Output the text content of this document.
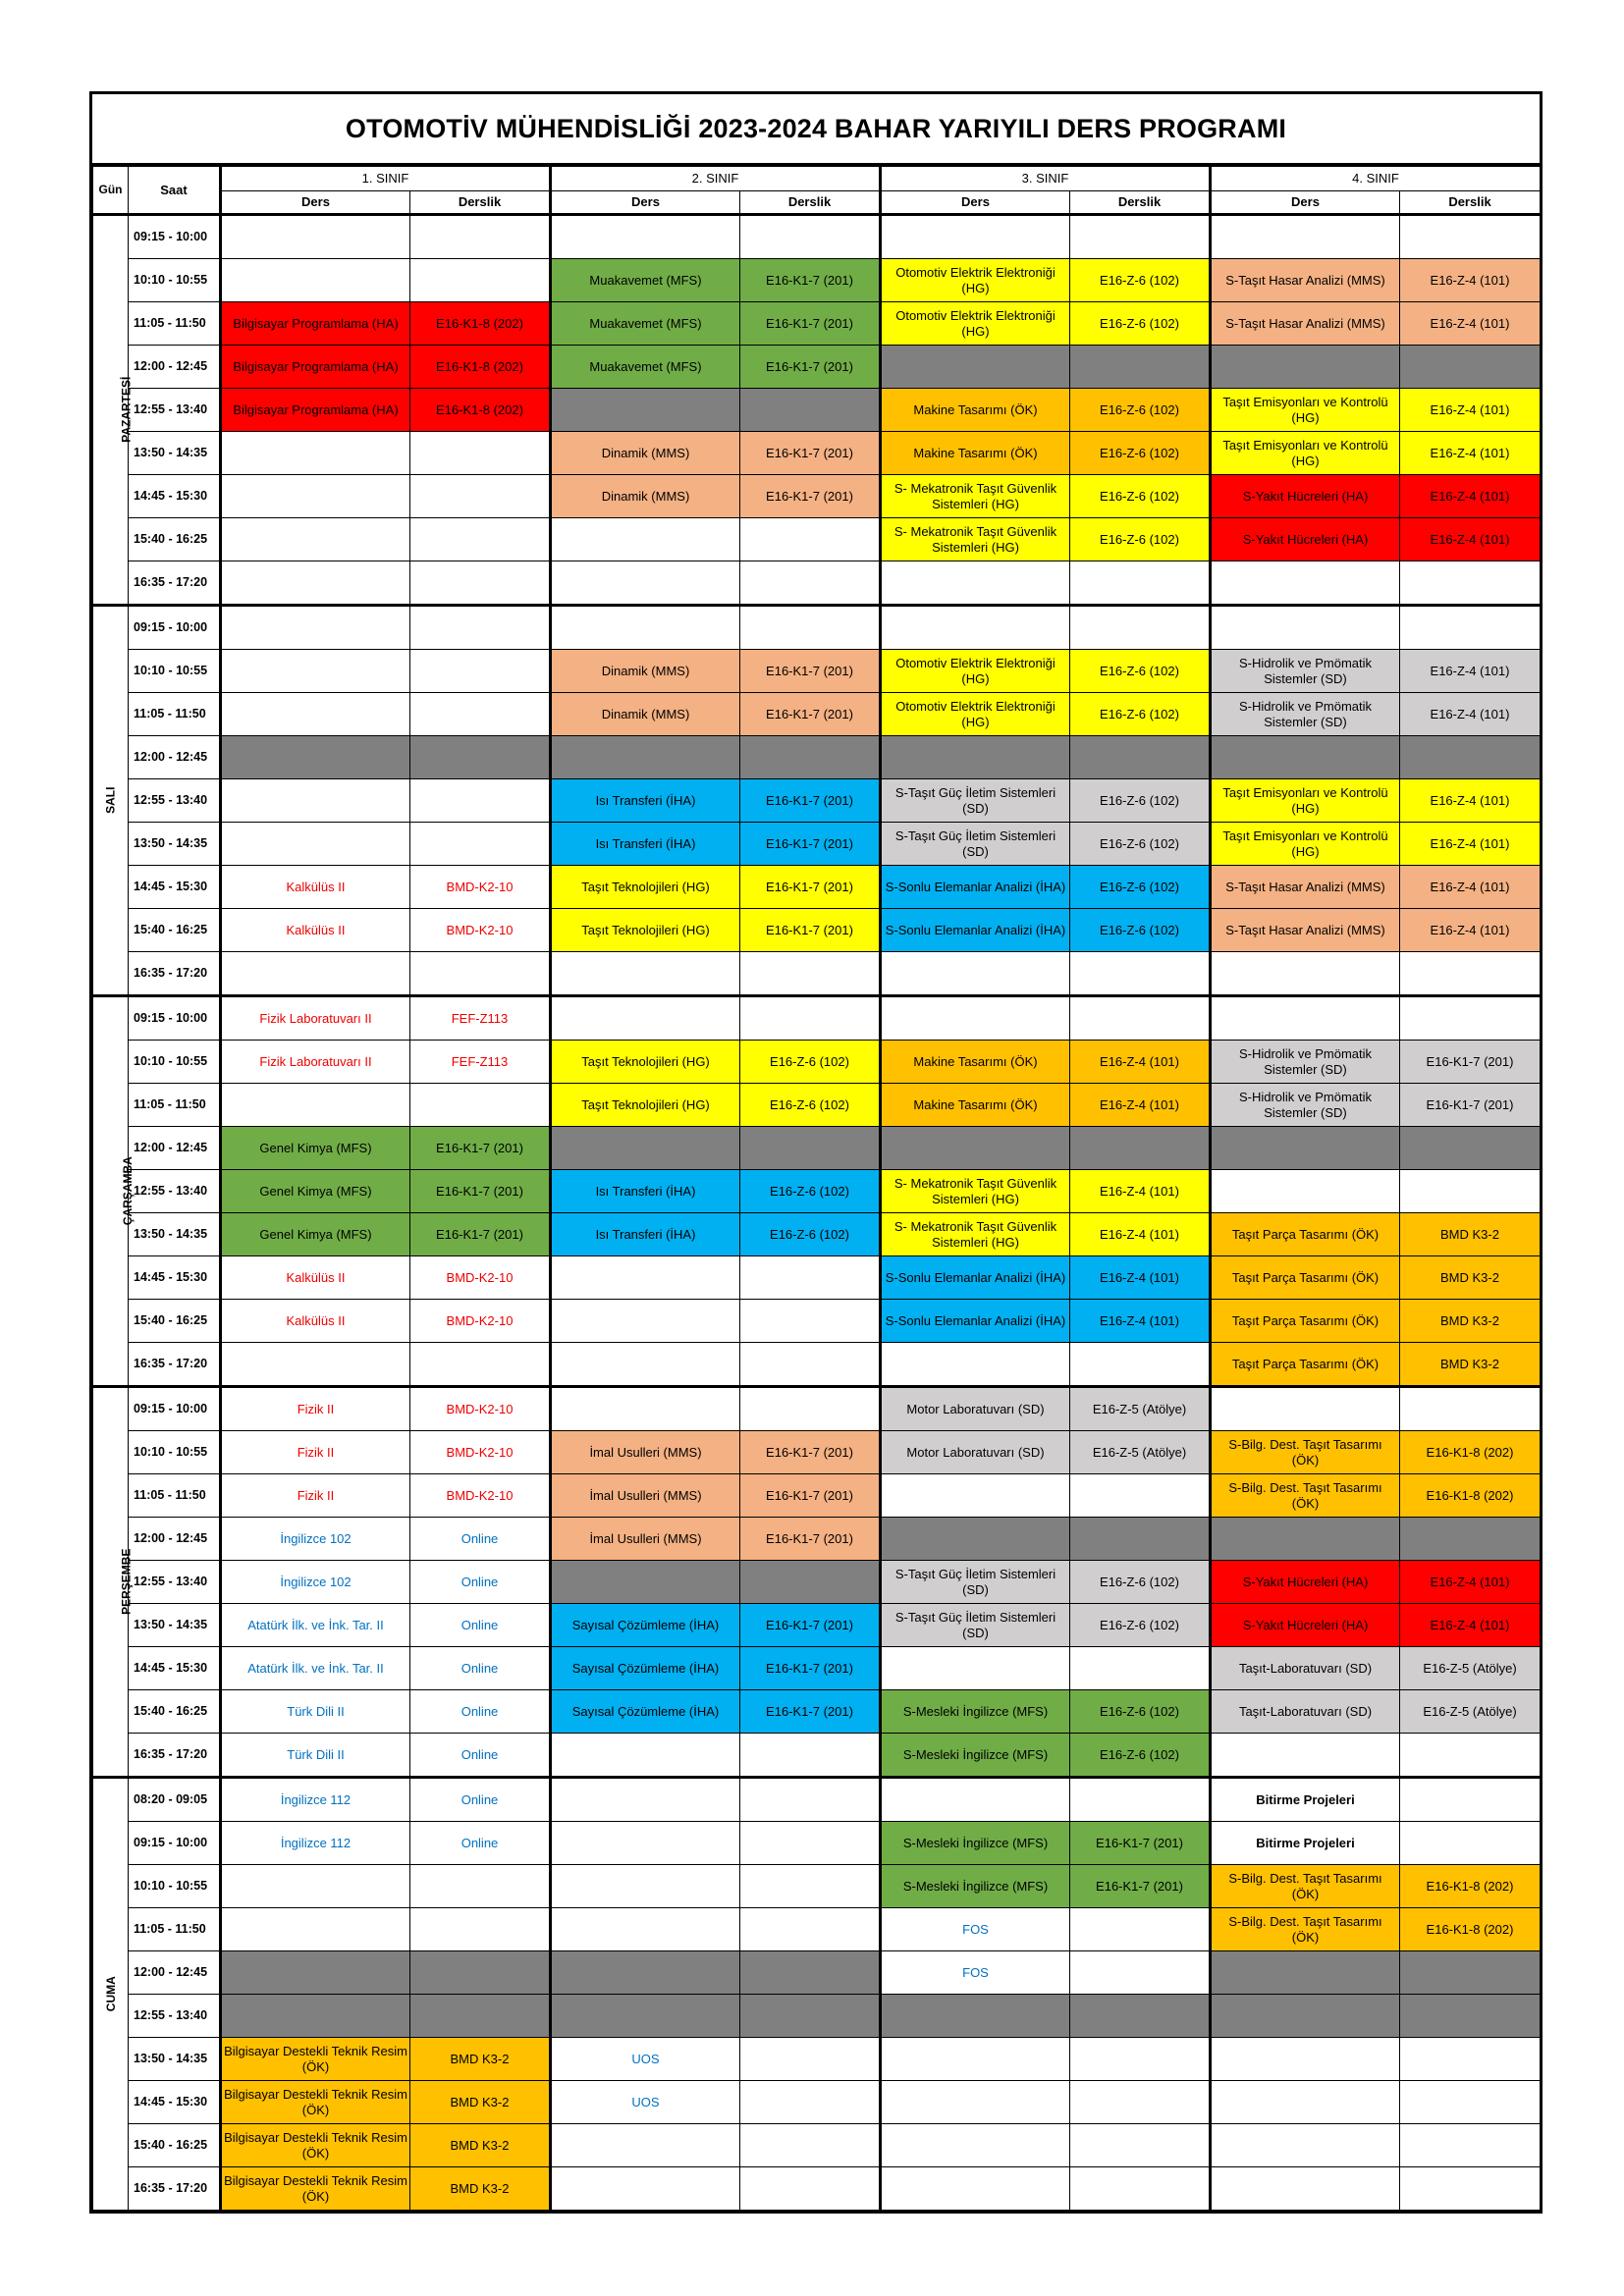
OTOMOTİV MÜHENDİSLİĞİ 2023-2024 BAHAR YARIYILI DERS PROGRAMI
Gün	Saat	1. SINIF		2. SINIF		3. SINIF		4. SINIF	
		Ders	Derslik	Ders	Derslik	Ders	Derslik	Ders	Derslik
PAZARTESİ	09:15 - 10:00								
	10:10 - 10:55			Muakavemet (MFS)	E16-K1-7 (201)	Otomotiv Elektrik Elektroniği (HG)	E16-Z-6 (102)	S-Taşıt Hasar Analizi (MMS)	E16-Z-4 (101)
	11:05 - 11:50	Bilgisayar Programlama (HA)	E16-K1-8 (202)	Muakavemet (MFS)	E16-K1-7 (201)	Otomotiv Elektrik Elektroniği (HG)	E16-Z-6 (102)	S-Taşıt Hasar Analizi (MMS)	E16-Z-4 (101)
	12:00 - 12:45	Bilgisayar Programlama (HA)	E16-K1-8 (202)	Muakavemet (MFS)	E16-K1-7 (201)				
	12:55 - 13:40	Bilgisayar Programlama (HA)	E16-K1-8 (202)			Makine Tasarımı (ÖK)	E16-Z-6 (102)	Taşıt Emisyonları ve Kontrolü (HG)	E16-Z-4 (101)
	13:50 - 14:35			Dinamik (MMS)	E16-K1-7 (201)	Makine Tasarımı (ÖK)	E16-Z-6 (102)	Taşıt Emisyonları ve Kontrolü (HG)	E16-Z-4 (101)
	14:45 - 15:30			Dinamik (MMS)	E16-K1-7 (201)	S- Mekatronik Taşıt Güvenlik Sistemleri (HG)	E16-Z-6 (102)	S-Yakıt Hücreleri (HA)	E16-Z-4 (101)
	15:40 - 16:25					S- Mekatronik Taşıt Güvenlik Sistemleri (HG)	E16-Z-6 (102)	S-Yakıt Hücreleri (HA)	E16-Z-4 (101)
	16:35 - 17:20								
SALI	09:15 - 10:00								
	10:10 - 10:55			Dinamik (MMS)	E16-K1-7 (201)	Otomotiv Elektrik Elektroniği (HG)	E16-Z-6 (102)	S-Hidrolik ve Pmömatik Sistemler (SD)	E16-Z-4 (101)
	11:05 - 11:50			Dinamik (MMS)	E16-K1-7 (201)	Otomotiv Elektrik Elektroniği (HG)	E16-Z-6 (102)	S-Hidrolik ve Pmömatik Sistemler (SD)	E16-Z-4 (101)
	12:00 - 12:45								
	12:55 - 13:40			Isı Transferi (İHA)	E16-K1-7 (201)	S-Taşıt Güç İletim Sistemleri (SD)	E16-Z-6 (102)	Taşıt Emisyonları ve Kontrolü (HG)	E16-Z-4 (101)
	13:50 - 14:35			Isı Transferi (İHA)	E16-K1-7 (201)	S-Taşıt Güç İletim Sistemleri (SD)	E16-Z-6 (102)	Taşıt Emisyonları ve Kontrolü (HG)	E16-Z-4 (101)
	14:45 - 15:30	Kalkülüs II	BMD-K2-10	Taşıt Teknolojileri (HG)	E16-K1-7 (201)	S-Sonlu Elemanlar Analizi (İHA)	E16-Z-6 (102)	S-Taşıt Hasar Analizi (MMS)	E16-Z-4 (101)
	15:40 - 16:25	Kalkülüs II	BMD-K2-10	Taşıt Teknolojileri (HG)	E16-K1-7 (201)	S-Sonlu Elemanlar Analizi (İHA)	E16-Z-6 (102)	S-Taşıt Hasar Analizi (MMS)	E16-Z-4 (101)
	16:35 - 17:20								
ÇARŞAMBA	09:15 - 10:00	Fizik Laboratuvarı II	FEF-Z113						
	10:10 - 10:55	Fizik Laboratuvarı II	FEF-Z113	Taşıt Teknolojileri (HG)	E16-Z-6 (102)	Makine Tasarımı (ÖK)	E16-Z-4 (101)	S-Hidrolik ve Pmömatik Sistemler (SD)	E16-K1-7 (201)
	11:05 - 11:50			Taşıt Teknolojileri (HG)	E16-Z-6 (102)	Makine Tasarımı (ÖK)	E16-Z-4 (101)	S-Hidrolik ve Pmömatik Sistemler (SD)	E16-K1-7 (201)
	12:00 - 12:45	Genel Kimya (MFS)	E16-K1-7 (201)						
	12:55 - 13:40	Genel Kimya (MFS)	E16-K1-7 (201)	Isı Transferi (İHA)	E16-Z-6 (102)	S- Mekatronik Taşıt Güvenlik Sistemleri (HG)	E16-Z-4 (101)		
	13:50 - 14:35	Genel Kimya (MFS)	E16-K1-7 (201)	Isı Transferi (İHA)	E16-Z-6 (102)	S- Mekatronik Taşıt Güvenlik Sistemleri (HG)	E16-Z-4 (101)	Taşıt Parça Tasarımı (ÖK)	BMD K3-2
	14:45 - 15:30	Kalkülüs II	BMD-K2-10			S-Sonlu Elemanlar Analizi (İHA)	E16-Z-4 (101)	Taşıt Parça Tasarımı (ÖK)	BMD K3-2
	15:40 - 16:25	Kalkülüs II	BMD-K2-10			S-Sonlu Elemanlar Analizi (İHA)	E16-Z-4 (101)	Taşıt Parça Tasarımı (ÖK)	BMD K3-2
	16:35 - 17:20							Taşıt Parça Tasarımı (ÖK)	BMD K3-2
PERŞEMBE	09:15 - 10:00	Fizik II	BMD-K2-10			Motor Laboratuvarı (SD)	E16-Z-5 (Atölye)		
	10:10 - 10:55	Fizik II	BMD-K2-10	İmal Usulleri (MMS)	E16-K1-7 (201)	Motor Laboratuvarı (SD)	E16-Z-5 (Atölye)	S-Bilg. Dest. Taşıt Tasarımı (ÖK)	E16-K1-8 (202)
	11:05 - 11:50	Fizik II	BMD-K2-10	İmal Usulleri (MMS)	E16-K1-7 (201)			S-Bilg. Dest. Taşıt Tasarımı (ÖK)	E16-K1-8 (202)
	12:00 - 12:45	İngilizce 102	Online	İmal Usulleri (MMS)	E16-K1-7 (201)				
	12:55 - 13:40	İngilizce 102	Online			S-Taşıt Güç İletim Sistemleri (SD)	E16-Z-6 (102)	S-Yakıt Hücreleri (HA)	E16-Z-4 (101)
	13:50 - 14:35	Atatürk İlk. ve İnk. Tar. II	Online	Sayısal Çözümleme (İHA)	E16-K1-7 (201)	S-Taşıt Güç İletim Sistemleri (SD)	E16-Z-6 (102)	S-Yakıt Hücreleri (HA)	E16-Z-4 (101)
	14:45 - 15:30	Atatürk İlk. ve İnk. Tar. II	Online	Sayısal Çözümleme (İHA)	E16-K1-7 (201)			Taşıt-Laboratuvarı (SD)	E16-Z-5 (Atölye)
	15:40 - 16:25	Türk Dili II	Online	Sayısal Çözümleme (İHA)	E16-K1-7 (201)	S-Mesleki İngilizce (MFS)	E16-Z-6 (102)	Taşıt-Laboratuvarı (SD)	E16-Z-5 (Atölye)
	16:35 - 17:20	Türk Dili II	Online			S-Mesleki İngilizce (MFS)	E16-Z-6 (102)		
CUMA	08:20 - 09:05	İngilizce 112	Online					Bitirme Projeleri	
	09:15 - 10:00	İngilizce 112	Online			S-Mesleki İngilizce (MFS)	E16-K1-7 (201)	Bitirme Projeleri	
	10:10 - 10:55					S-Mesleki İngilizce (MFS)	E16-K1-7 (201)	S-Bilg. Dest. Taşıt Tasarımı (ÖK)	E16-K1-8 (202)
	11:05 - 11:50					FOS		S-Bilg. Dest. Taşıt Tasarımı (ÖK)	E16-K1-8 (202)
	12:00 - 12:45					FOS			
	12:55 - 13:40								
	13:50 - 14:35	Bilgisayar Destekli Teknik Resim (ÖK)	BMD K3-2	UOS					
	14:45 - 15:30	Bilgisayar Destekli Teknik Resim (ÖK)	BMD K3-2	UOS					
	15:40 - 16:25	Bilgisayar Destekli Teknik Resim (ÖK)	BMD K3-2						
	16:35 - 17:20	Bilgisayar Destekli Teknik Resim (ÖK)	BMD K3-2						
